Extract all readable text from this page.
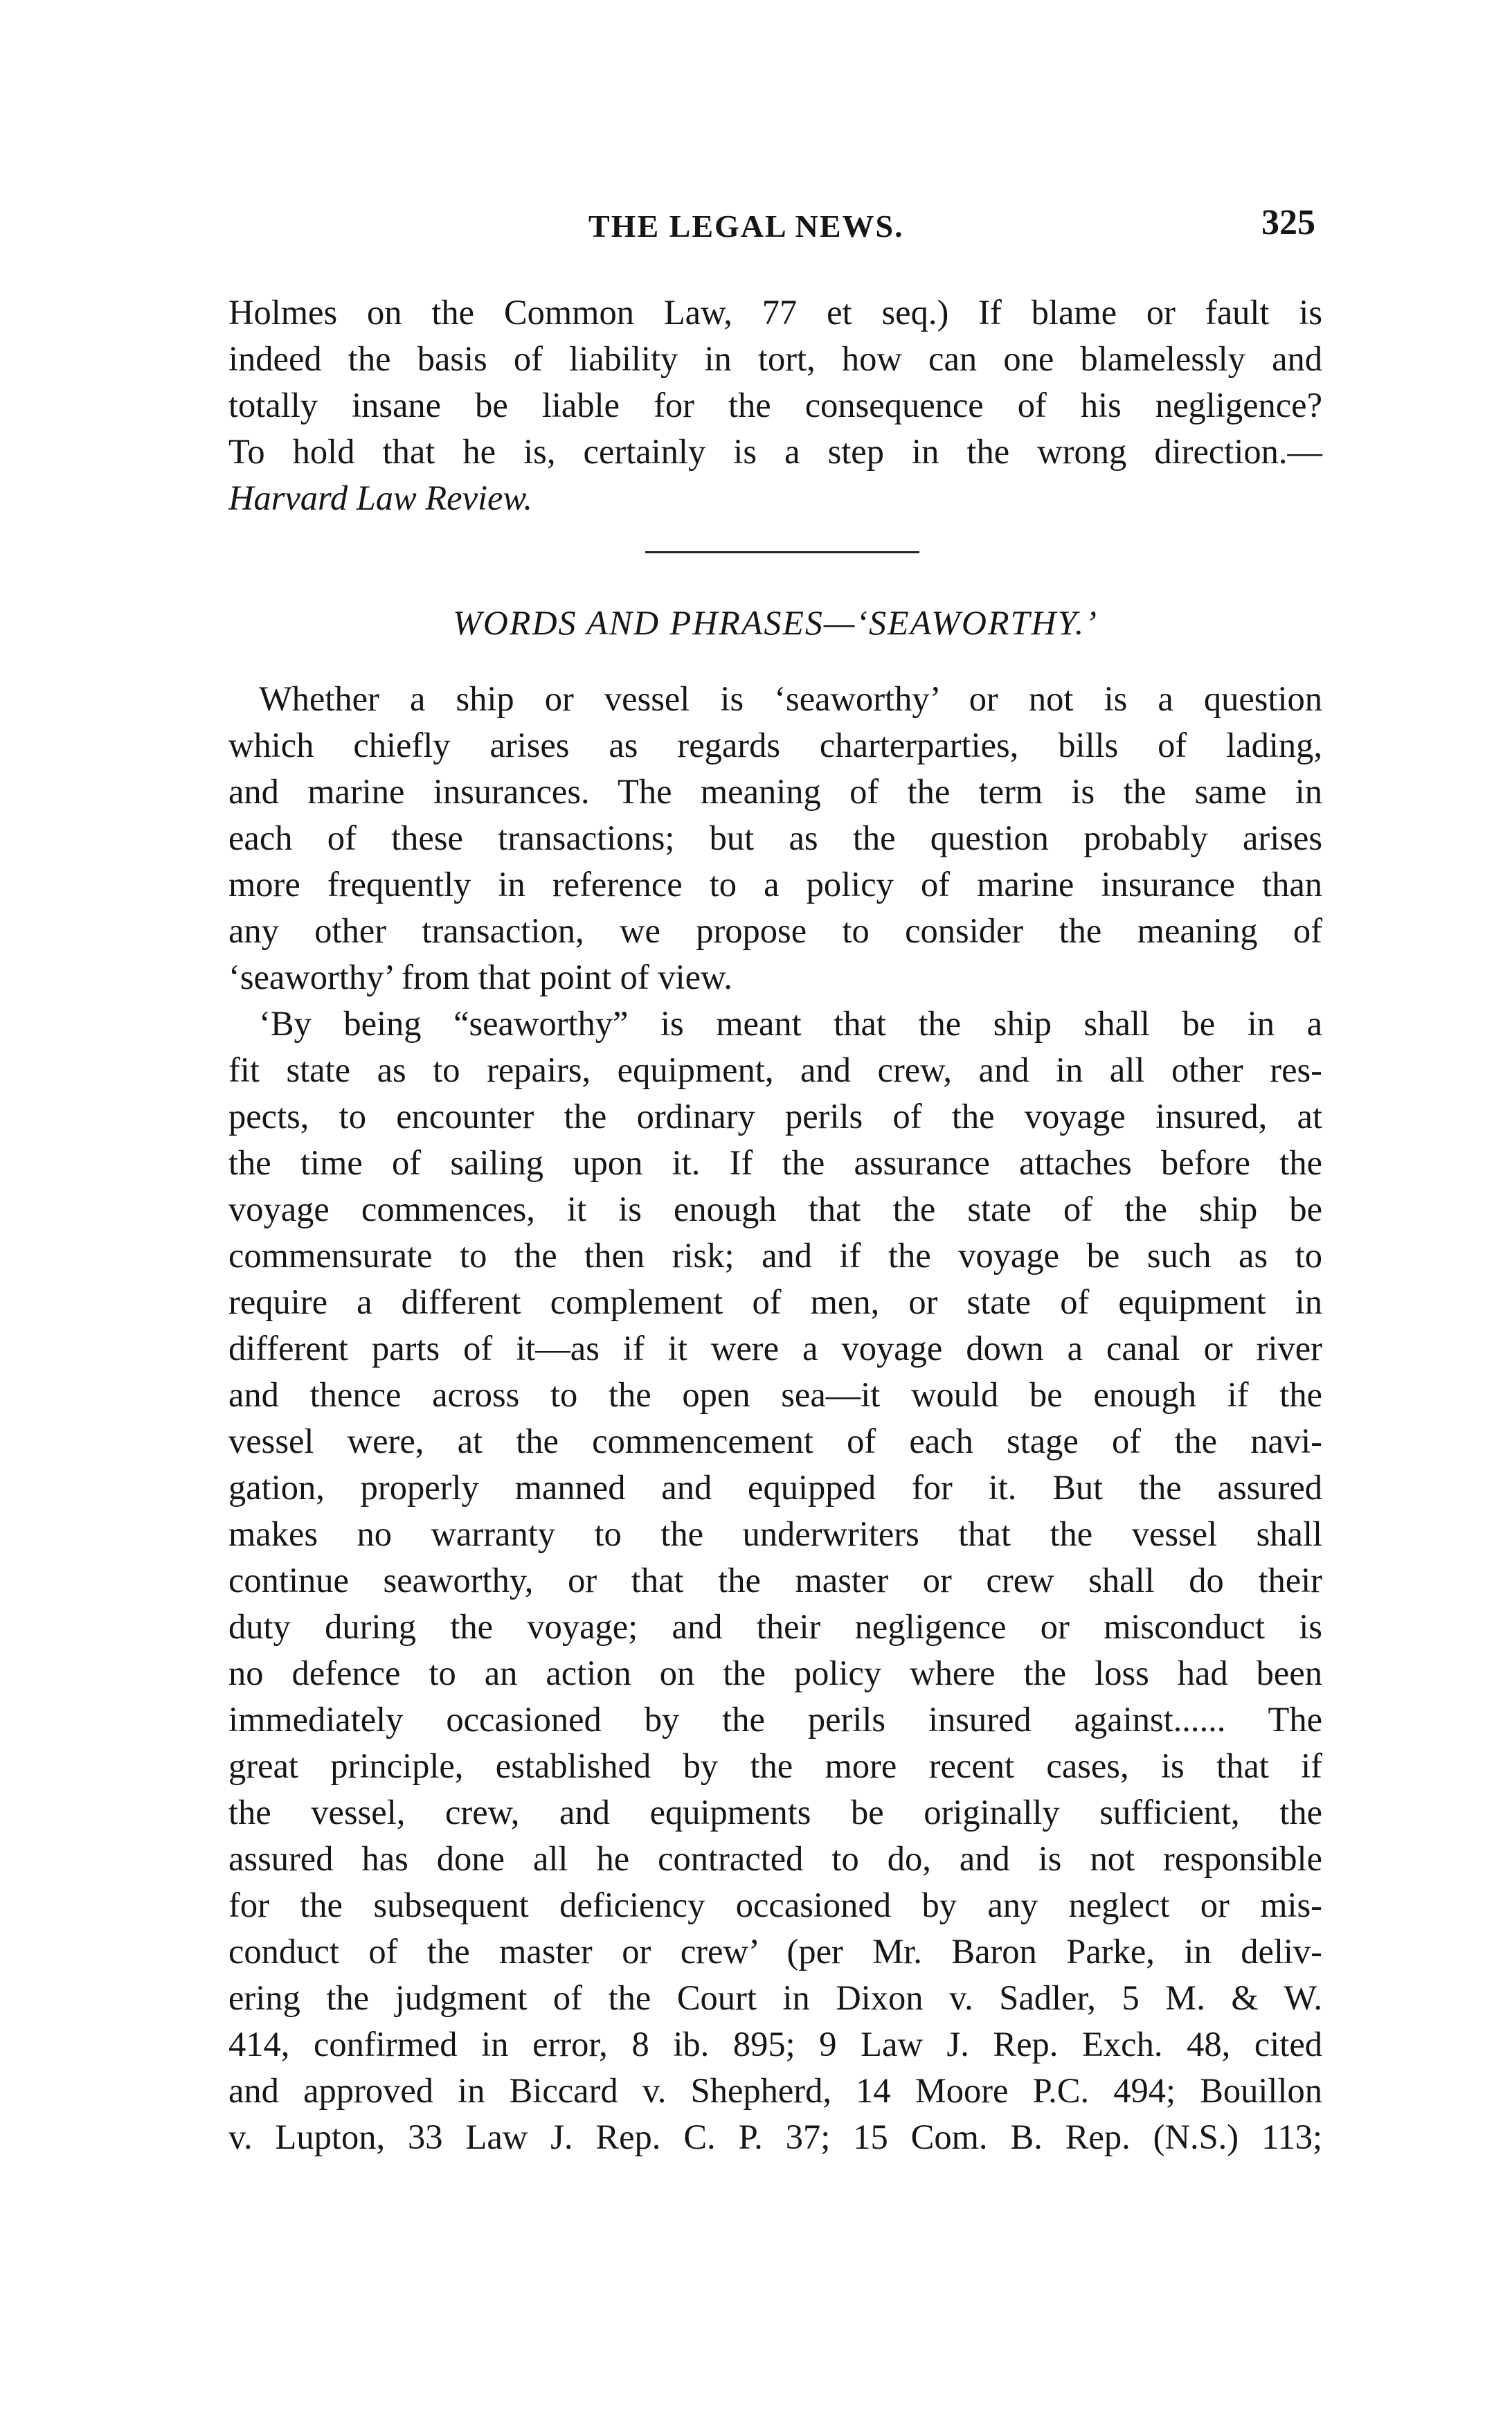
THE LEGAL NEWS.	325
Holmes on the Common Law, 77 et seq.) If blame or fault is
indeed the basis of liability in tort, how can one blamelessly and
totally insane be liable for the consequence of his negligence?
To hold that he is, certainly is a step in the wrong direction.—
Harvard Law Review.
WORDS AND PHRASES—‘SEAWORTHY.’
Whether a ship or vessel is ‘seaworthy’ or not is a question
which chiefly arises as regards charterparties, bills of lading,
and marine insurances. The meaning of the term is the same in
each of these transactions; but as the question probably arises
more frequently in reference to a policy of marine insurance than
any other transaction, we propose to consider the meaning of
‘seaworthy’ from that point of view.
‘By being “seaworthy” is meant that the ship shall be in a
fit state as to repairs, equipment, and crew, and in all other res-
pects, to encounter the ordinary perils of the voyage insured, at
the time of sailing upon it. If the assurance attaches before the
voyage commences, it is enough that the state of the ship be
commensurate to the then risk; and if the voyage be such as to
require a different complement of men, or state of equipment in
different parts of it—as if it were a voyage down a canal or river
and thence across to the open sea—it would be enough if the
vessel were, at the commencement of each stage of the navi-
gation, properly manned and equipped for it. But the assured
makes no warranty to the underwriters that the vessel shall
continue seaworthy, or that the master or crew shall do their
duty during the voyage; and their negligence or misconduct is
no defence to an action on the policy where the loss had been
immediately occasioned by the perils insured against...... The
great principle, established by the more recent cases, is that if
the vessel, crew, and equipments be originally sufficient, the
assured has done all he contracted to do, and is not responsible
for the subsequent deficiency occasioned by any neglect or mis-
conduct of the master or crew’ (per Mr. Baron Parke, in deliv-
ering the judgment of the Court in Dixon v. Sadler, 5 M. & W.
414, confirmed in error, 8 ib. 895; 9 Law J. Rep. Exch. 48, cited
and approved in Biccard v. Shepherd, 14 Moore P.C. 494; Bouillon
v. Lupton, 33 Law J. Rep. C. P. 37; 15 Com. B. Rep. (N.S.) 113;
